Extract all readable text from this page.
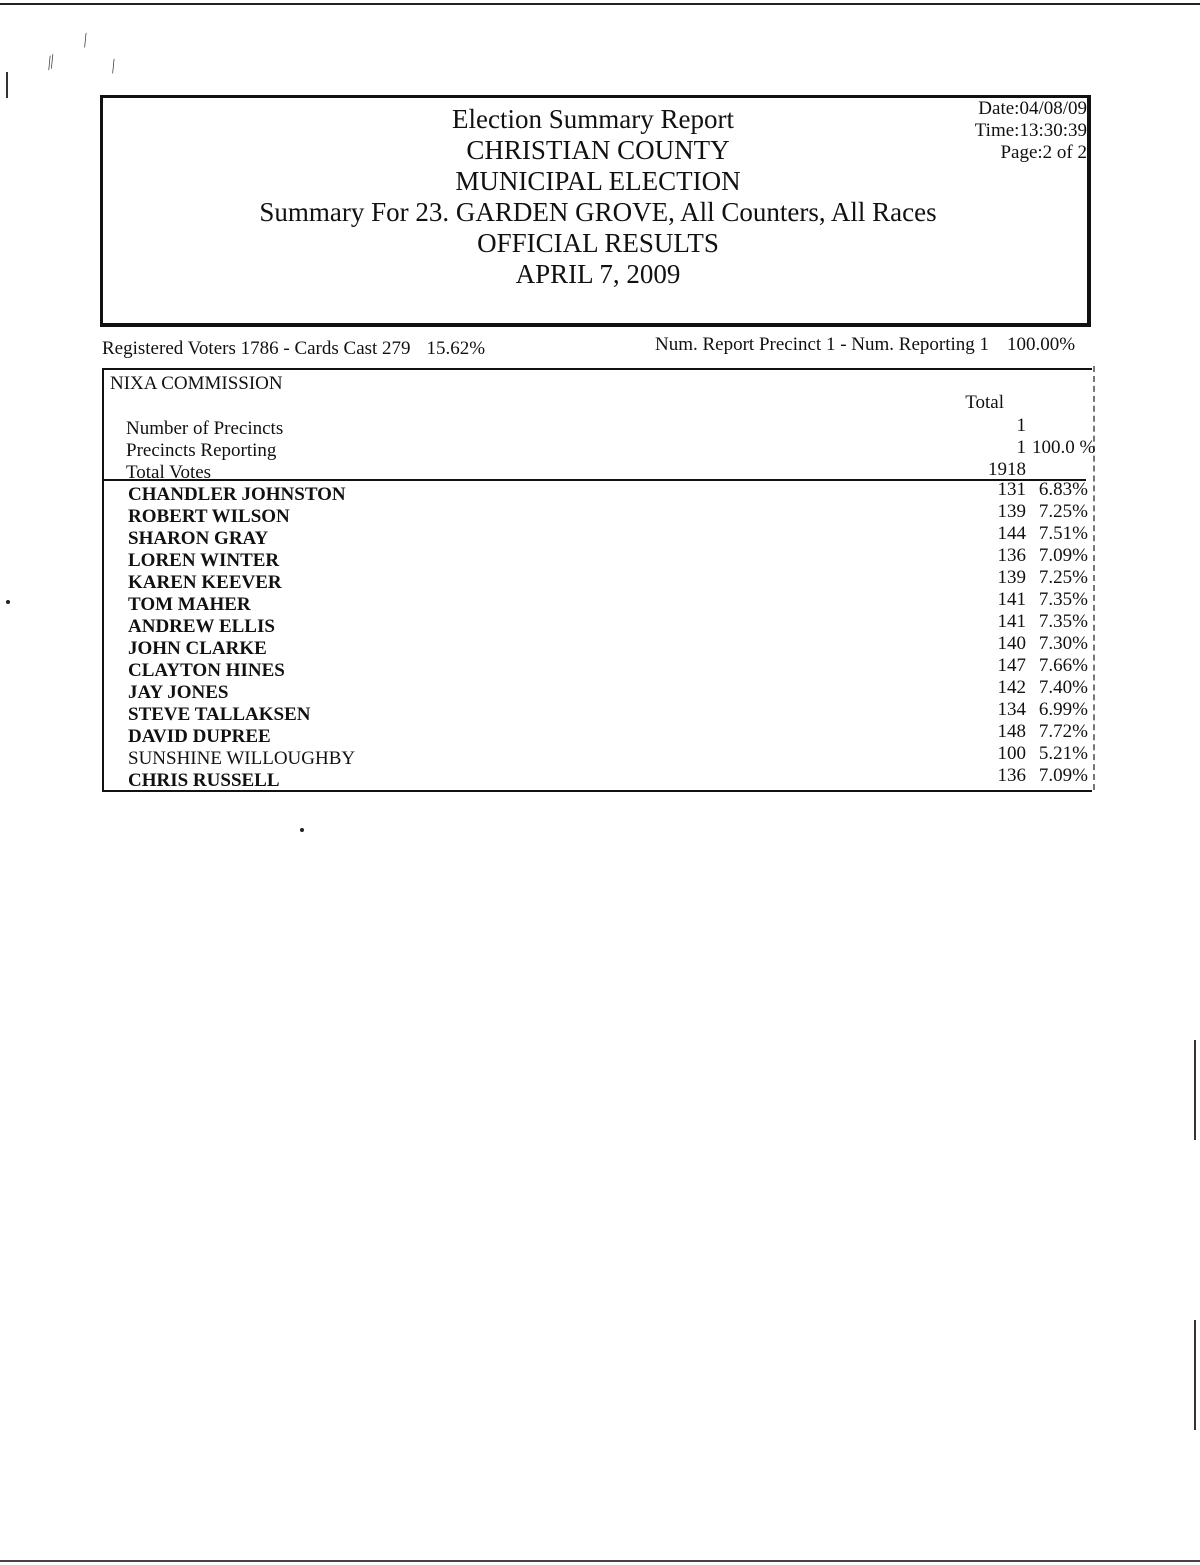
⁄⁄
⁄
⁄
Election Summary Report
CHRISTIAN COUNTY
MUNICIPAL ELECTION
Summary For 23. GARDEN GROVE, All Counters, All Races
OFFICIAL RESULTS
APRIL 7, 2009
Date:04/08/09
Time:13:30:39
Page:2 of 2
Registered Voters 1786 - Cards Cast 279 15.62%	Num. Report Precinct 1 - Num. Reporting 1 100.00%
NIXA COMMISSION
Total
Number of Precincts	1
Precincts Reporting	1 100.0 %
Total Votes	1918
CHANDLER JOHNSTON	131 6.83%
ROBERT WILSON	139 7.25%
SHARON GRAY	144 7.51%
LOREN WINTER	136 7.09%
KAREN KEEVER	139 7.25%
TOM MAHER	141 7.35%
ANDREW ELLIS	141 7.35%
JOHN CLARKE	140 7.30%
CLAYTON HINES	147 7.66%
JAY JONES	142 7.40%
STEVE TALLAKSEN	134 6.99%
DAVID DUPREE	148 7.72%
SUNSHINE WILLOUGHBY	100 5.21%
CHRIS RUSSELL	136 7.09%
